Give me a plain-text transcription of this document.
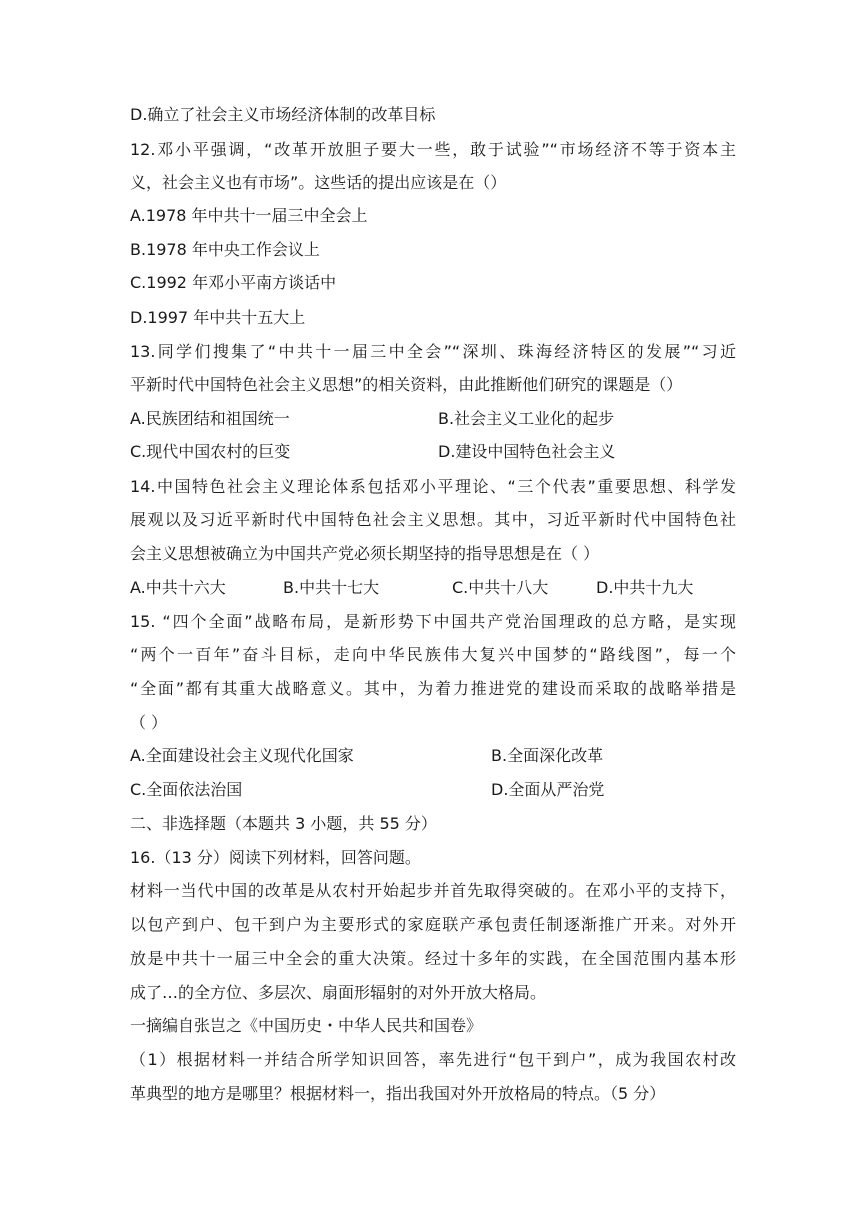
D.确立了社会主义市场经济体制的改革目标
12.邓小平强调，“改革开放胆子要大一些，敢于试验”“市场经济不等于资本主
义，社会主义也有市场”。这些话的提出应该是在（）
A.1978 年中共十一届三中全会上
B.1978 年中央工作会议上
C.1992 年邓小平南方谈话中
D.1997 年中共十五大上
13.同学们搜集了“中共十一届三中全会”“深圳、珠海经济特区的发展”“习近
平新时代中国特色社会主义思想”的相关资料，由此推断他们研究的课题是（）
A.民族团结和祖国统一	B.社会主义工业化的起步
C.现代中国农村的巨变	D.建设中国特色社会主义
14.中国特色社会主义理论体系包括邓小平理论、“三个代表”重要思想、科学发
展观以及习近平新时代中国特色社会主义思想。其中，习近平新时代中国特色社
会主义思想被确立为中国共产党必须长期坚持的指导思想是在（ ）
A.中共十六大	B.中共十七大	C.中共十八大	D.中共十九大
15. “四个全面”战略布局，是新形势下中国共产党治国理政的总方略，是实现
“两个一百年”奋斗目标，走向中华民族伟大复兴中国梦的“路线图”，每一个
“全面”都有其重大战略意义。其中，为着力推进党的建设而采取的战略举措是
（ ）
A.全面建设社会主义现代化国家	B.全面深化改革
C.全面依法治国	D.全面从严治党
二、非选择题（本题共 3 小题，共 55 分）
16.（13 分）阅读下列材料，回答问题。
材料一当代中国的改革是从农村开始起步并首先取得突破的。在邓小平的支持下，
以包产到户、包干到户为主要形式的家庭联产承包责任制逐渐推广开来。对外开
放是中共十一届三中全会的重大决策。经过十多年的实践，在全国范围内基本形
成了…的全方位、多层次、扇面形辐射的对外开放大格局。
一摘编自张岂之《中国历史・中华人民共和国卷》
（1）根据材料一并结合所学知识回答，率先进行“包干到户”，成为我国农村改
革典型的地方是哪里？根据材料一，指出我国对外开放格局的特点。（5 分）
